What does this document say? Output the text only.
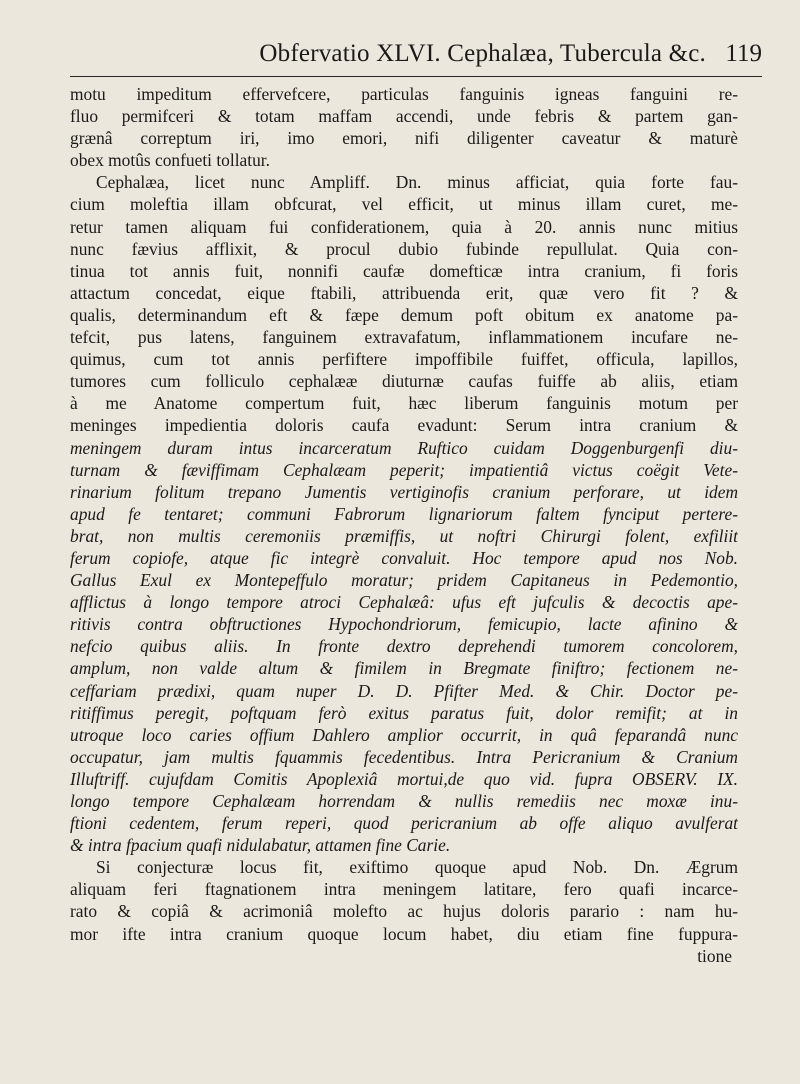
Obfervatio XLVI. Cephalæa, Tubercula &c. 119
motu impeditum effervefcere, particulas fanguinis igneas fanguini re-
fluo permifceri & totam maffam accendi, unde febris & partem gan-
grænâ correptum iri, imo emori, nifi diligenter caveatur & maturè
obex motûs confueti tollatur.
Cephalæa, licet nunc Ampliff. Dn. minus afficiat, quia forte fau-
cium moleftia illam obfcurat, vel efficit, ut minus illam curet, me-
retur tamen aliquam fui confiderationem, quia à 20. annis nunc mitius
nunc fævius afflixit, & procul dubio fubinde repullulat. Quia con-
tinua tot annis fuit, nonnifi caufæ domefticæ intra cranium, fi foris
attactum concedat, eique ftabili, attribuenda erit, quæ vero fit ? &
qualis, determinandum eft & fæpe demum poft obitum ex anatome pa-
tefcit, pus latens, fanguinem extravafatum, inflammationem incufare ne-
quimus, cum tot annis perfiftere impoffibile fuiffet, officula, lapillos,
tumores cum folliculo cephalææ diuturnæ caufas fuiffe ab aliis, etiam
à me Anatome compertum fuit, hæc liberum fanguinis motum per
meninges impedientia doloris caufa evadunt: Serum intra cranium &
meningem duram intus incarceratum Ruftico cuidam Doggenburgenfi diu-
turnam & fæviffimam Cephalæam peperit; impatientiâ victus coëgit Vete-
rinarium folitum trepano Jumentis vertiginofis cranium perforare, ut idem
apud fe tentaret; communi Fabrorum lignariorum faltem fynciput pertere-
brat, non multis ceremoniis præmiffis, ut noftri Chirurgi folent, exfiliit
ferum copiofe, atque fic integrè convaluit. Hoc tempore apud nos Nob.
Gallus Exul ex Montepeffulo moratur; pridem Capitaneus in Pedemontio,
afflictus à longo tempore atroci Cephalæâ: ufus eft jufculis & decoctis ape-
ritivis contra obftructiones Hypochondriorum, femicupio, lacte afinino &
nefcio quibus aliis. In fronte dextro deprehendi tumorem concolorem,
amplum, non valde altum & fimilem in Bregmate finiftro; fectionem ne-
ceffariam prædixi, quam nuper D. D. Pfifter Med. & Chir. Doctor pe-
ritiffimus peregit, poftquam ferò exitus paratus fuit, dolor remifit; at in
utroque loco caries offium Dahlero amplior occurrit, in quâ feparandâ nunc
occupatur, jam multis fquammis fecedentibus. Intra Pericranium & Cranium
Illuftriff. cujufdam Comitis Apoplexiâ mortui,de quo vid. fupra OBSERV. IX.
longo tempore Cephalæam horrendam & nullis remediis nec moxæ inu-
ftioni cedentem, ferum reperi, quod pericranium ab offe aliquo avulferat
& intra fpacium quafi nidulabatur, attamen fine Carie.
Si conjecturæ locus fit, exiftimo quoque apud Nob. Dn. Ægrum
aliquam feri ftagnationem intra meningem latitare, fero quafi incarce-
rato & copiâ & acrimoniâ molefto ac hujus doloris parario : nam hu-
mor ifte intra cranium quoque locum habet, diu etiam fine fuppura-
tione
